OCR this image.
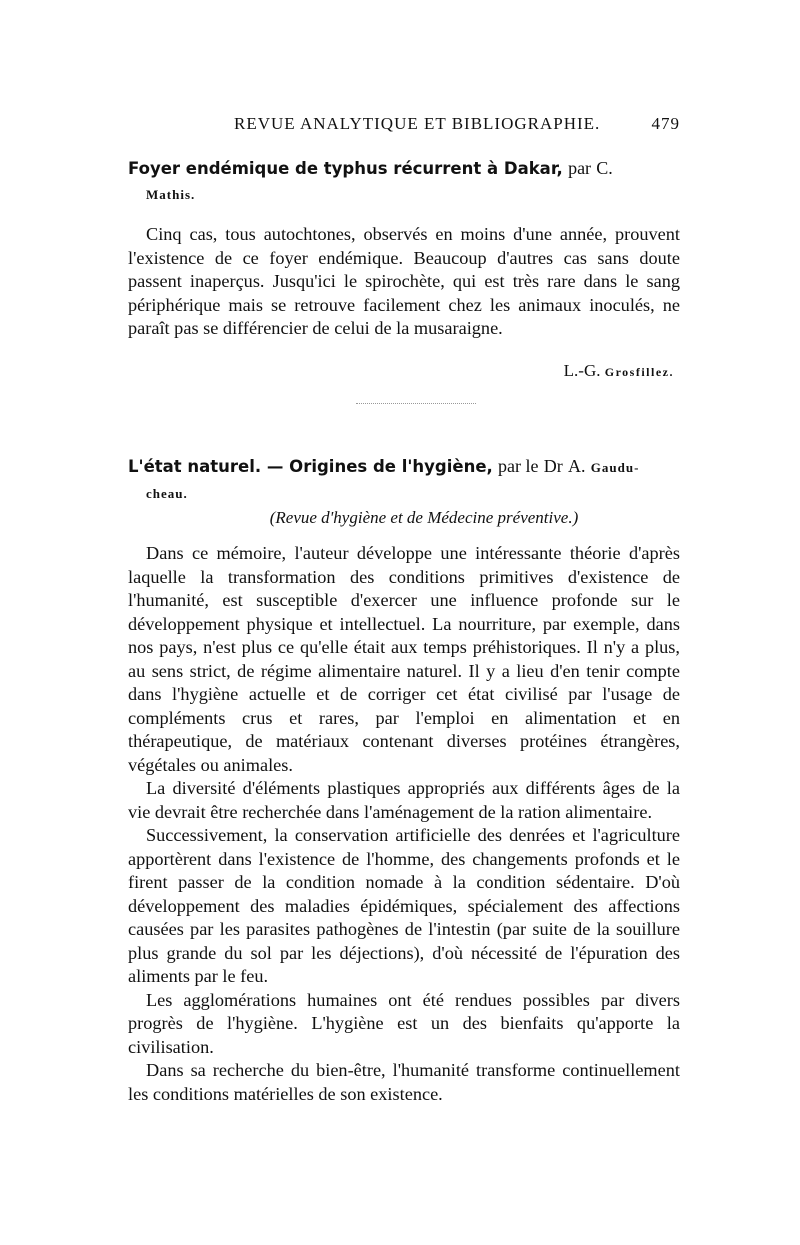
REVUE ANALYTIQUE ET BIBLIOGRAPHIE.	479

Foyer endémique de typhus récurrent à Dakar, par C.
Mathis.

Cinq cas, tous autochtones, observés en moins d'une année, prouvent l'existence de ce foyer endémique. Beaucoup d'autres cas sans doute passent inaperçus. Jusqu'ici le spirochète, qui est très rare dans le sang périphérique mais se retrouve facilement chez les animaux inoculés, ne paraît pas se différencier de celui de la musaraigne.

L.-G. Grosfillez.

L'état naturel. — Origines de l'hygiène, par le Dr A. Gaudu-
cheau.

(Revue d'hygiène et de Médecine préventive.)

Dans ce mémoire, l'auteur développe une intéressante théorie d'après laquelle la transformation des conditions primitives d'existence de l'humanité, est susceptible d'exercer une influence profonde sur le développement physique et intellectuel. La nourriture, par exemple, dans nos pays, n'est plus ce qu'elle était aux temps préhistoriques. Il n'y a plus, au sens strict, de régime alimentaire naturel. Il y a lieu d'en tenir compte dans l'hygiène actuelle et de corriger cet état civilisé par l'usage de compléments crus et rares, par l'emploi en alimentation et en thérapeutique, de matériaux contenant diverses protéines étrangères, végétales ou animales.

La diversité d'éléments plastiques appropriés aux différents âges de la vie devrait être recherchée dans l'aménagement de la ration alimentaire.

Successivement, la conservation artificielle des denrées et l'agriculture apportèrent dans l'existence de l'homme, des changements profonds et le firent passer de la condition nomade à la condition sédentaire. D'où développement des maladies épidémiques, spécialement des affections causées par les parasites pathogènes de l'intestin (par suite de la souillure plus grande du sol par les déjections), d'où nécessité de l'épuration des aliments par le feu.

Les agglomérations humaines ont été rendues possibles par divers progrès de l'hygiène. L'hygiène est un des bienfaits qu'apporte la civilisation.

Dans sa recherche du bien-être, l'humanité transforme continuellement les conditions matérielles de son existence.
